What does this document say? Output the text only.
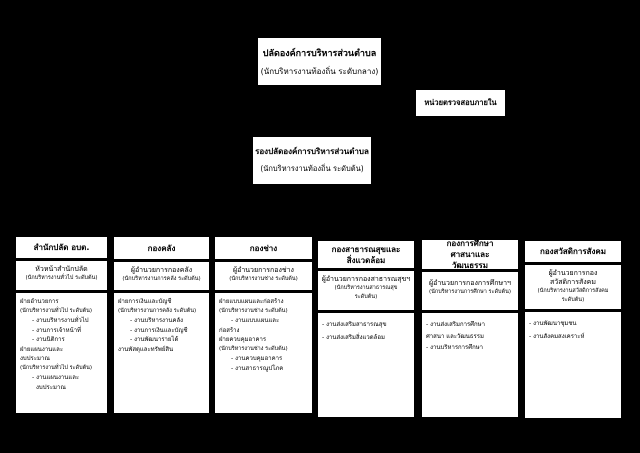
ปลัดองค์การบริหารส่วนตำบล
(นักบริหารงานท้องถิ่น ระดับกลาง)
หน่วยตรวจสอบภายใน
รองปลัดองค์การบริหารส่วนตำบล
(นักบริหารงานท้องถิ่น ระดับต้น)
สำนักปลัด อบต.
หัวหน้าสำนักปลัด
(นักบริหารงานทั่วไป ระดับต้น)
ฝ่ายอำนวยการ
(นักบริหารงานทั่วไป ระดับต้น)
- งานบริหารงานทั่วไป
- งานการเจ้าหน้าที่
- งานนิติการ
ฝ่ายแผนงานและ
งบประมาณ
(นักบริหารงานทั่วไป ระดับต้น)
- งานแผนงานและ
งบประมาณ
กองคลัง
ผู้อำนวยการกองคลัง
(นักบริหารงานการคลัง ระดับต้น)
ฝ่ายการเงินและบัญชี
(นักบริหารงานการคลัง ระดับต้น)
- งานบริหารงานคลัง
- งานการเงินและบัญชี
- งานพัฒนารายได้
งานพัสดุและทรัพย์สิน
กองช่าง
ผู้อำนวยการกองช่าง
(นักบริหารงานช่าง ระดับต้น)
ฝ่ายแบบแผนและก่อสร้าง
(นักบริหารงานช่าง ระดับต้น)
- งานแบบแผนและ
ก่อสร้าง
ฝ่ายควบคุมอาคาร
(นักบริหารงานช่าง ระดับต้น)
- งานควบคุมอาคาร
- งานสาธารณูปโภค
กองสาธารณสุขและสิ่งแวดล้อม
ผู้อำนวยการกองสาธารณสุขฯ
(นักบริหารงานสาธารณสุข ระดับต้น)
- งานส่งเสริมสาธารณสุข
- งานส่งเสริมสิ่งแวดล้อม
กองการศึกษา ศาสนาและวัฒนธรรม
ผู้อำนวยการกองการศึกษาฯ
(นักบริหารงานการศึกษา ระดับต้น)
- งานส่งเสริมการศึกษา
ศาสนา และวัฒนธรรม
- งานบริหารการศึกษา
กองสวัสดิการสังคม
ผู้อำนวยการกองสวัสดิการสังคม
(นักบริหารงานสวัสดิการสังคม ระดับต้น)
- งานพัฒนาชุมชน
- งานสังคมสงเคราะห์
